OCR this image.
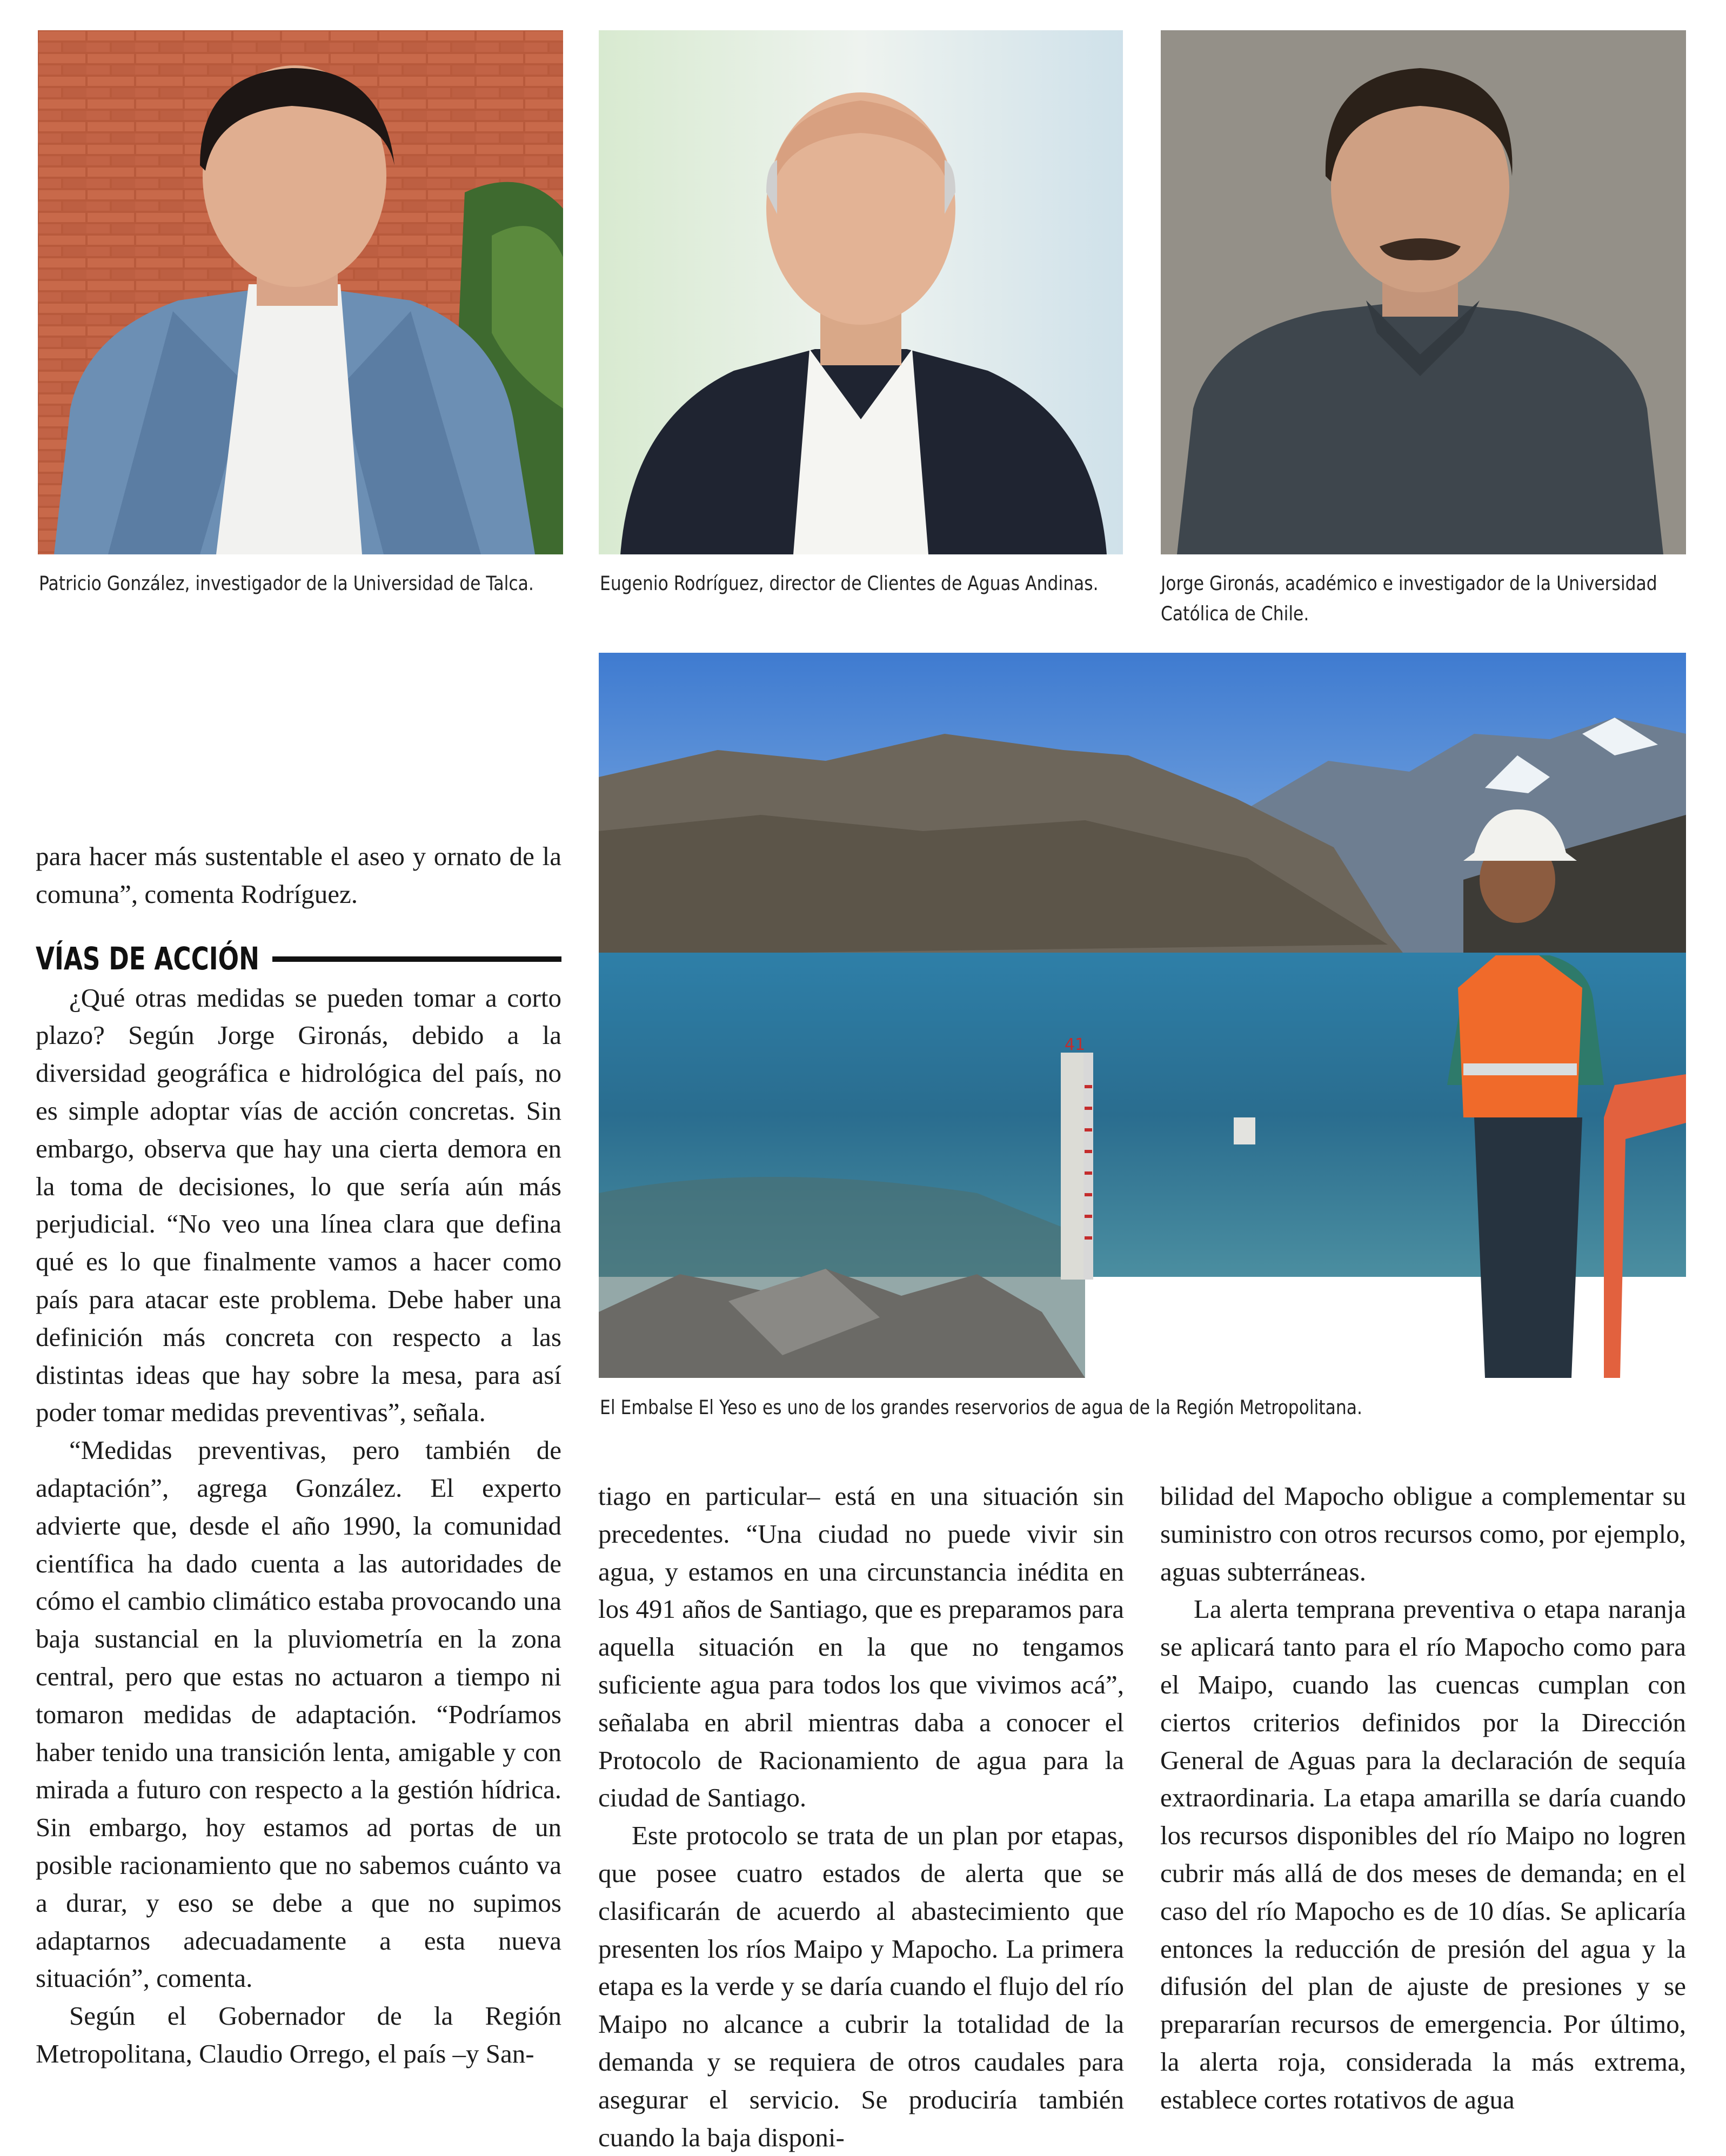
Patricio González, investigador de la Universidad de Talca.	Eugenio Rodríguez, director de Clientes de Aguas Andinas.	Jorge Gironás, académico e investigador de la Universidad
Católica de Chile.
41
El Embalse El Yeso es uno de los grandes reservorios de agua de la Región Metropolitana.

para hacer más sustentable el aseo y ornato de la comuna”, comenta Rodríguez.

VÍAS DE ACCIÓN

¿Qué otras medidas se pueden tomar a corto plazo? Según Jorge Gironás, debido a la diversidad geográfica e hidrológica del país, no es simple adoptar vías de acción concretas. Sin embargo, observa que hay una cierta demora en la toma de decisiones, lo que sería aún más perjudicial. “No veo una línea clara que defina qué es lo que finalmente vamos a hacer como país para atacar este problema. Debe haber una definición más concreta con respecto a las distintas ideas que hay sobre la mesa, para así poder tomar medidas preventivas”, señala.

“Medidas preventivas, pero también de adaptación”, agrega González. El experto advierte que, desde el año 1990, la comunidad científica ha dado cuenta a las autoridades de cómo el cambio climático estaba provocando una baja sustancial en la pluviometría en la zona central, pero que estas no actuaron a tiempo ni tomaron medidas de adaptación. “Podríamos haber tenido una transición lenta, amigable y con mirada a futuro con respecto a la gestión hídrica. Sin embargo, hoy estamos ad portas de un posible racionamiento que no sabemos cuánto va a durar, y eso se debe a que no supimos adaptarnos adecuadamente a esta nueva situación”, comenta.

Según el Gobernador de la Región Metropolitana, Claudio Orrego, el país –y San-

tiago en particular– está en una situación sin precedentes. “Una ciudad no puede vivir sin agua, y estamos en una circunstancia inédita en los 491 años de Santiago, que es preparamos para aquella situación en la que no tengamos suficiente agua para todos los que vivimos acá”, señalaba en abril mientras daba a conocer el Protocolo de Racionamiento de agua para la ciudad de Santiago.

Este protocolo se trata de un plan por etapas, que posee cuatro estados de alerta que se clasificarán de acuerdo al abastecimiento que presenten los ríos Maipo y Mapocho. La primera etapa es la verde y se daría cuando el flujo del río Maipo no alcance a cubrir la totalidad de la demanda y se requiera de otros caudales para asegurar el servicio. Se produciría también cuando la baja disponi-

bilidad del Mapocho obligue a complementar su suministro con otros recursos como, por ejemplo, aguas subterráneas.

La alerta temprana preventiva o etapa naranja se aplicará tanto para el río Mapocho como para el Maipo, cuando las cuencas cumplan con ciertos criterios definidos por la Dirección General de Aguas para la declaración de sequía extraordinaria. La etapa amarilla se daría cuando los recursos disponibles del río Maipo no logren cubrir más allá de dos meses de demanda; en el caso del río Mapocho es de 10 días. Se aplicaría entonces la reducción de presión del agua y la difusión del plan de ajuste de presiones y se prepararían recursos de emergencia. Por último, la alerta roja, considerada la más extrema, establece cortes rotativos de agua
